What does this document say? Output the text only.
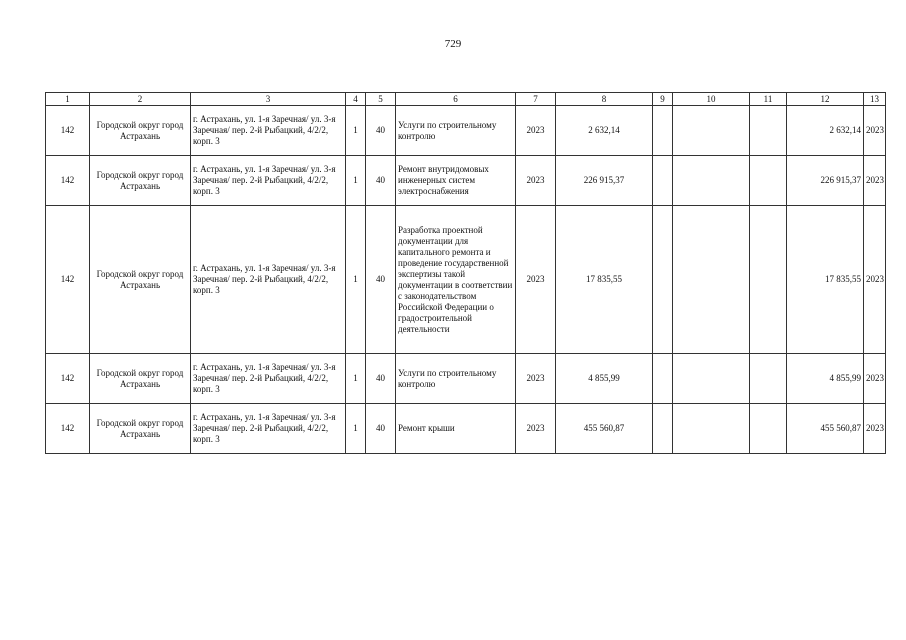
729
1	2	3	4	5	6	7	8	9	10	11	12	13
142	Городской округ город Астрахань	г. Астрахань, ул. 1-я Заречная/ ул. 3-я Заречная/ пер. 2-й Рыбацкий, 4/2/2, корп. 3	1	40	Услуги по строительному контролю	2023	2 632,14				2 632,14	2023
142	Городской округ город Астрахань	г. Астрахань, ул. 1-я Заречная/ ул. 3-я Заречная/ пер. 2-й Рыбацкий, 4/2/2, корп. 3	1	40	Ремонт внутридомовых инженерных систем электроснабжения	2023	226 915,37				226 915,37	2023
142	Городской округ город Астрахань	г. Астрахань, ул. 1-я Заречная/ ул. 3-я Заречная/ пер. 2-й Рыбацкий, 4/2/2, корп. 3	1	40	Разработка проектной документации для капитального ремонта и проведение государственной экспертизы такой документации в соответствии с законодательством Российской Федерации о градостроительной деятельности	2023	17 835,55				17 835,55	2023
142	Городской округ город Астрахань	г. Астрахань, ул. 1-я Заречная/ ул. 3-я Заречная/ пер. 2-й Рыбацкий, 4/2/2, корп. 3	1	40	Услуги по строительному контролю	2023	4 855,99				4 855,99	2023
142	Городской округ город Астрахань	г. Астрахань, ул. 1-я Заречная/ ул. 3-я Заречная/ пер. 2-й Рыбацкий, 4/2/2, корп. 3	1	40	Ремонт крыши	2023	455 560,87				455 560,87	2023
